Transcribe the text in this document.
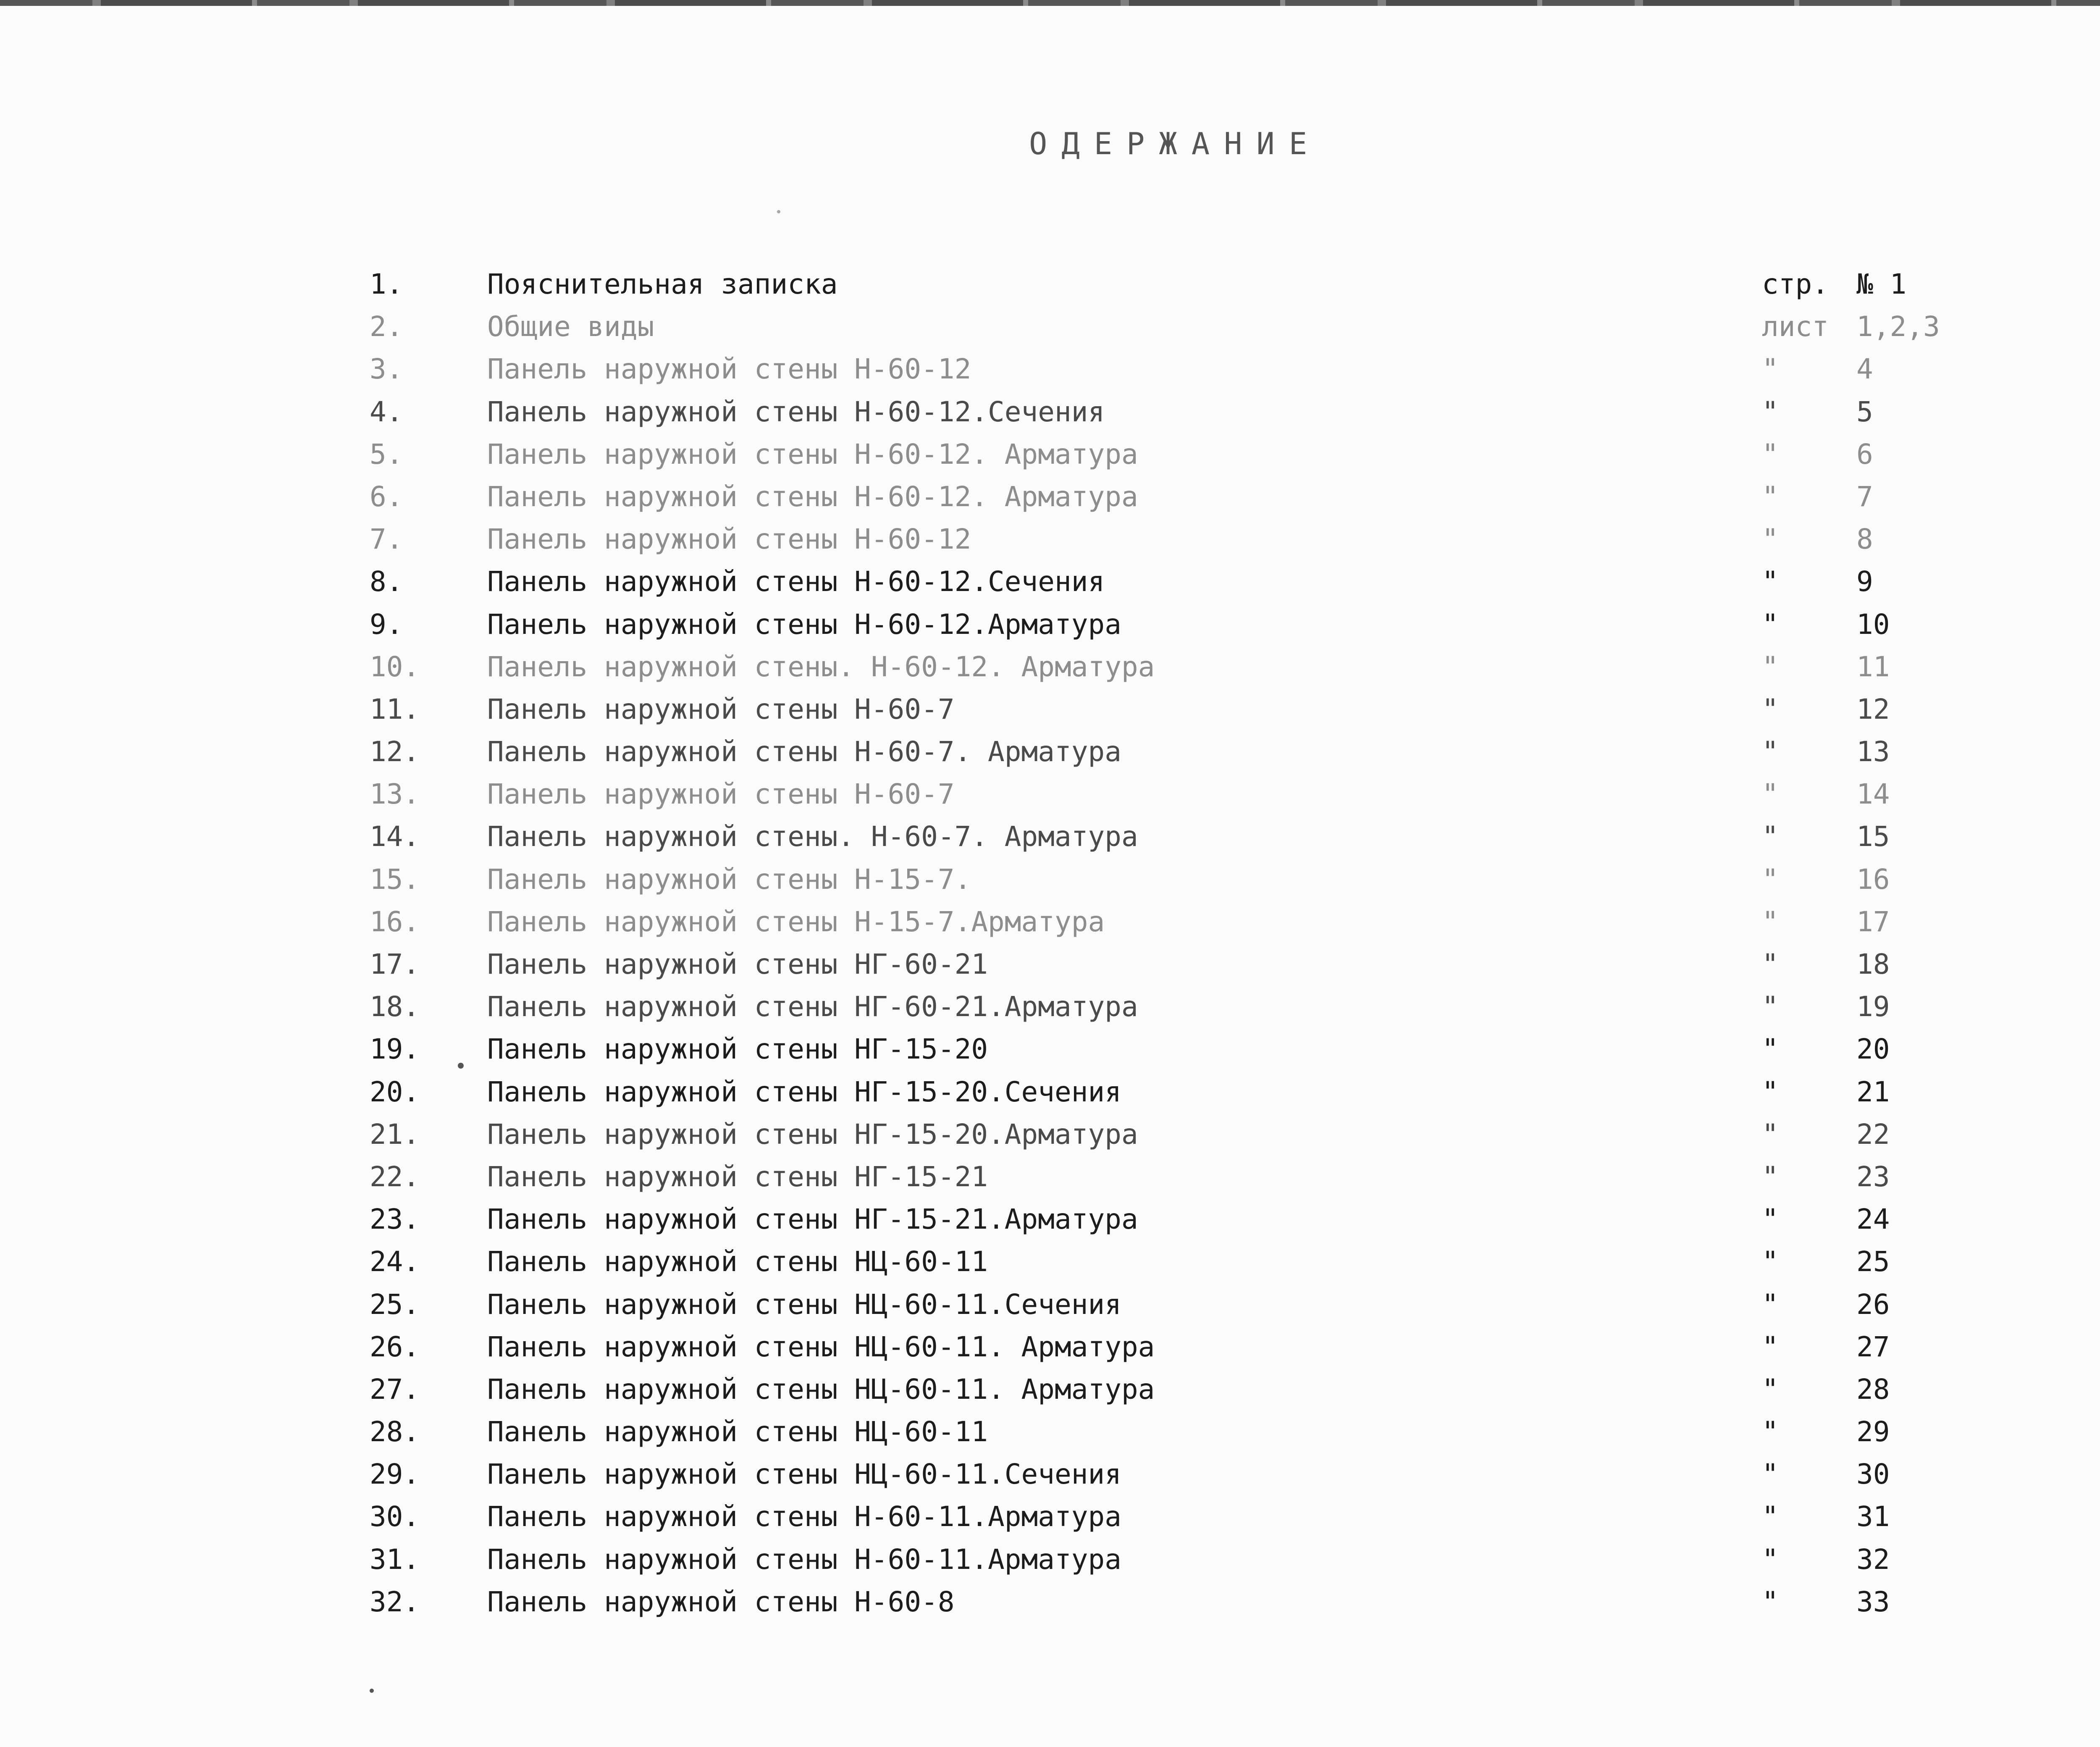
ОДЕРЖАНИЕ
1.	Пояснительная записка	стр. № 1
2.	Общие виды	лист 1,2,3
3.	Панель наружной стены Н-60-12	"	4
4.	Панель наружной стены Н-60-12.Сечения	"	5
5.	Панель наружной стены Н-60-12. Арматура	"	6
6.	Панель наружной стены Н-60-12. Арматура	"	7
7.	Панель наружной стены Н-60-12	"	8
8.	Панель наружной стены Н-60-12.Сечения	"	9
9.	Панель наружной стены Н-60-12.Арматура	"	10
10. Панель наружной стены. Н-60-12. Арматура	"	11
11. Панель наружной стены Н-60-7	"	12
12. Панель наружной стены Н-60-7. Арматура	"	13
13. Панель наружной стены Н-60-7	"	14
14. Панель наружной стены. Н-60-7. Арматура	"	15
15. Панель наружной стены Н-15-7.	"	16
16. Панель наружной стены Н-15-7.Арматура	"	17
17. Панель наружной стены НГ-60-21	"	18
18. Панель наружной стены НГ-60-21.Арматура	"	19
19. Панель наружной стены НГ-15-20	"	20
20. Панель наружной стены НГ-15-20.Сечения	"	21
21. Панель наружной стены НГ-15-20.Арматура	"	22
22. Панель наружной стены НГ-15-21	"	23
23. Панель наружной стены НГ-15-21.Арматура	"	24
24. Панель наружной стены НЦ-60-11	"	25
25. Панель наружной стены НЦ-60-11.Сечения	"	26
26. Панель наружной стены НЦ-60-11. Арматура	"	27
27. Панель наружной стены НЦ-60-11. Арматура	"	28
28. Панель наружной стены НЦ-60-11	"	29
29. Панель наружной стены НЦ-60-11.Сечения	"	30
30. Панель наружной стены Н-60-11.Арматура	"	31
31. Панель наружной стены Н-60-11.Арматура	"	32
32. Панель наружной стены Н-60-8	"	33
